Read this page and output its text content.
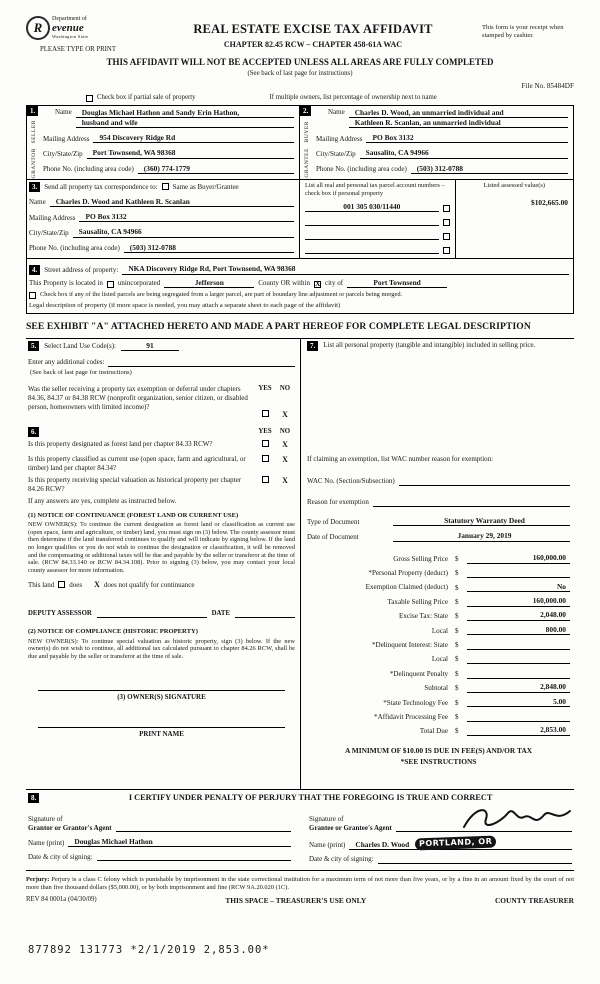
R
Department of
evenue
Washington State
PLEASE TYPE OR PRINT
REAL ESTATE EXCISE TAX AFFIDAVIT
CHAPTER 82.45 RCW – CHAPTER 458-61A WAC
This form is your receipt when stamped by cashier.
THIS AFFIDAVIT WILL NOT BE ACCEPTED UNLESS ALL AREAS ARE FULLY COMPLETED
(See back of last page for instructions)
File No. 85484DF
Check box if partial sale of property	If multiple owners, list percentage of ownership next to name
1.
SELLER
GRANTOR
Name	Douglas Michael Hathon and Sandy Erin Hathon,
husband and wife
Mailing Address 954 Discovery Ridge Rd
City/State/Zip Port Townsend, WA 98368
Phone No. (including area code) (360) 774-1779
2.
BUYER
GRANTEE
Name	Charles D. Wood, an unmarried individual and
Kathleen R. Scanlan, an unmarried individual
Mailing Address PO Box 3132
City/State/Zip Sausalito, CA 94966
Phone No. (including area code) (503) 312-0788
3.	Send all property tax correspondence to: Same as Buyer/Grantee
Name Charles D. Wood and Kathleen R. Scanlan
Mailing Address PO Box 3132
City/State/Zip Sausalito, CA 94966
Phone No. (including area code) (503) 312-0788
List all real and personal tax parcel account numbers – check box if personal property
001 305 030/11440
Listed assessed value(s)
$102,665.00
4.	Street address of property:	NKA Discovery Ridge Rd, Port Townsend, WA 98368
This Property is located in unincorporated	Jefferson	County OR within X city of	Port Townsend
Check box if any of the listed parcels are being segregated from a larger parcel, are part of boundary line adjustment or parcels being merged.
Legal description of property (if more space is needed, you may attach a separate sheet to each page of the affidavit)
SEE EXHIBIT "A" ATTACHED HERETO AND MADE A PART HEREOF FOR COMPLETE LEGAL DESCRIPTION
5.	Select Land Use Code(s):	91
Enter any additional codes:
(See back of last page for instructions)
Was the seller receiving a property tax exemption or deferral under chapters 84.36, 84.37 or 84.38 RCW (nonprofit organization, senior citizen, or disabled person, homeowners with limited income)?
YES	NO
X
6.	YES	NO
Is this property designated as forest land per chapter 84.33 RCW?	X
Is this property classified as current use (open space, farm and agricultural, or timber) land per chapter 84.34?
X
Is this property receiving special valuation as historical property per chapter 84.26 RCW?
X
If any answers are yes, complete as instructed below.
(1) NOTICE OF CONTINUANCE (FOREST LAND OR CURRENT USE)
NEW OWNER(S): To continue the current designation as forest land or classification as current use (open space, farm and agriculture, or timber) land, you must sign on (3) below. The county assessor must then determine if the land transferred continues to qualify and will indicate by signing below. If the land no longer qualifies or you do not wish to continue the designation or classification, it will be removed and the compensating or additional taxes will be due and payable by the seller or transferor at the time of sale. (RCW 84.33.140 or RCW 84.34.108). Prior to signing (3) below, you may contact your local county assessor for more information.
This land does X does not qualify for continuance
DEPUTY ASSESSOR	DATE
(2) NOTICE OF COMPLIANCE (HISTORIC PROPERTY)
NEW OWNER(S): To continue special valuation as historic property, sign (3) below. If the new owner(s) do not wish to continue, all additional tax calculated pursuant to chapter 84.26 RCW, shall be due and payable by the seller or transferor at the time of sale.
(3) OWNER(S) SIGNATURE
PRINT NAME
7.	List all personal property (tangible and intangible) included in selling price.
If claiming an exemption, list WAC number reason for exemption:
WAC No. (Section/Subsection)
Reason for exemption
Type of Document	Statutory Warranty Deed
Date of Document	January 29, 2019
Gross Selling Price	$	160,000.00
*Personal Property (deduct)	$
Exemption Claimed (deduct)	$	No
Taxable Selling Price	$	160,000.00
Excise Tax: State	$	2,048.00
Local	$	800.00
*Delinquent Interest: State	$
Local	$
*Delinquent Penalty	$
Subtotal	$	2,848.00
*State Technology Fee	$	5.00
*Affidavit Processing Fee	$
Total Due	$	2,853.00
A MINIMUM OF $10.00 IS DUE IN FEE(S) AND/OR TAX
*SEE INSTRUCTIONS
8.	I CERTIFY UNDER PENALTY OF PERJURY THAT THE FOREGOING IS TRUE AND CORRECT
Signature of
Grantor or Grantor's Agent
Name (print) Douglas Michael Hathon
Date & city of signing:
Signature of
Grantee or Grantee's Agent
Name (print) Charles D. Wood	PORTLAND, OR
Date & city of signing:
Perjury: Perjury is a class C felony which is punishable by imprisonment in the state correctional institution for a maximum term of not more than five years, or by a fine in an amount fixed by the court of not more than five thousand dollars ($5,000.00), or by both imprisonment and fine (RCW 9A.20.020 (1C).
REV 84 0001a (04/30/09)	THIS SPACE – TREASURER'S USE ONLY	COUNTY TREASURER
877892 131773 *2/1/2019 2,853.00*
